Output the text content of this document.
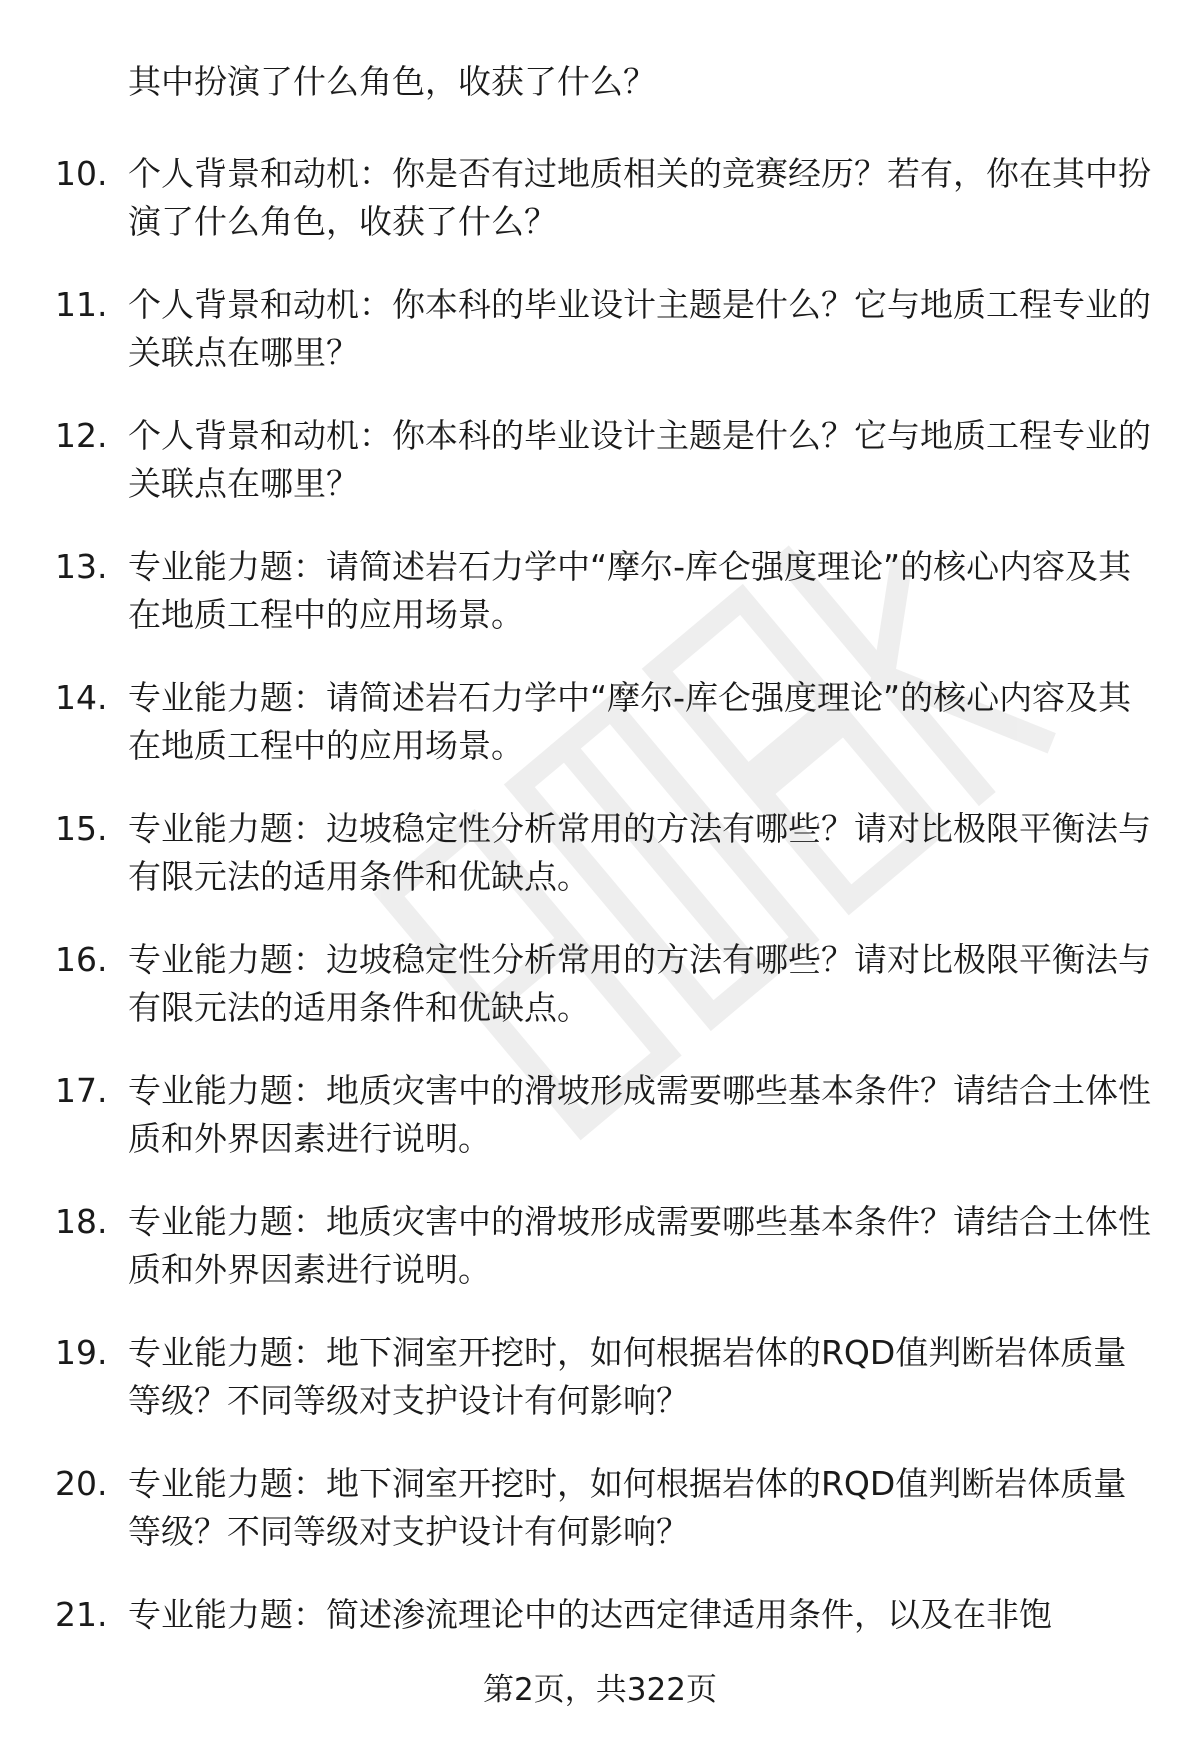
其中扮演了什么角色，收获了什么？

10. 个人背景和动机：你是否有过地质相关的竞赛经历？若有，你在其中扮演了什么角色，收获了什么？

11. 个人背景和动机：你本科的毕业设计主题是什么？它与地质工程专业的关联点在哪里？

12. 个人背景和动机：你本科的毕业设计主题是什么？它与地质工程专业的关联点在哪里？

13. 专业能力题：请简述岩石力学中“摩尔-库仑强度理论”的核心内容及其在地质工程中的应用场景。

14. 专业能力题：请简述岩石力学中“摩尔-库仑强度理论”的核心内容及其在地质工程中的应用场景。

15. 专业能力题：边坡稳定性分析常用的方法有哪些？请对比极限平衡法与有限元法的适用条件和优缺点。

16. 专业能力题：边坡稳定性分析常用的方法有哪些？请对比极限平衡法与有限元法的适用条件和优缺点。

17. 专业能力题：地质灾害中的滑坡形成需要哪些基本条件？请结合土体性质和外界因素进行说明。

18. 专业能力题：地质灾害中的滑坡形成需要哪些基本条件？请结合土体性质和外界因素进行说明。

19. 专业能力题：地下洞室开挖时，如何根据岩体的RQD值判断岩体质量等级？不同等级对支护设计有何影响？

20. 专业能力题：地下洞室开挖时，如何根据岩体的RQD值判断岩体质量等级？不同等级对支护设计有何影响？

21. 专业能力题：简述渗流理论中的达西定律适用条件，以及在非饱

第2页，共322页
